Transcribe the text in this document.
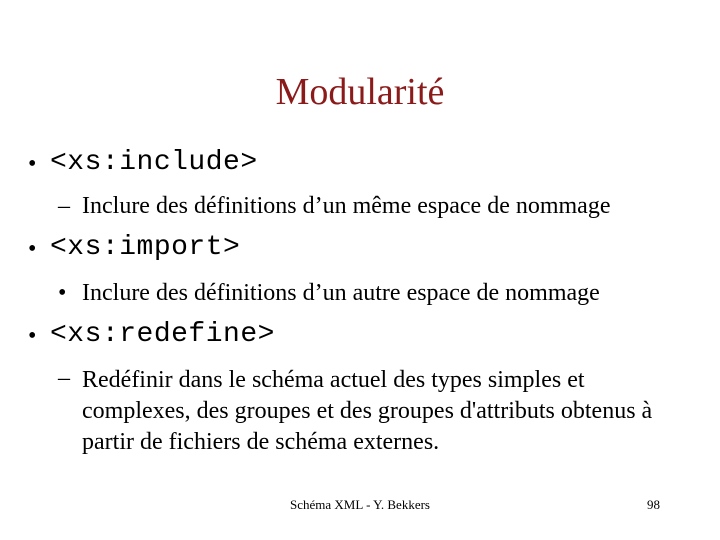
Modularité
• <xs:include>
– Inclure des définitions d’un même espace de nommage
• <xs:import>
• Inclure des définitions d’un autre espace de nommage
• <xs:redefine>
– Redéfinir dans le schéma actuel des types simples et complexes, des groupes et des groupes d'attributs obtenus à partir de fichiers de schéma externes.
Schéma XML - Y. Bekkers	98
